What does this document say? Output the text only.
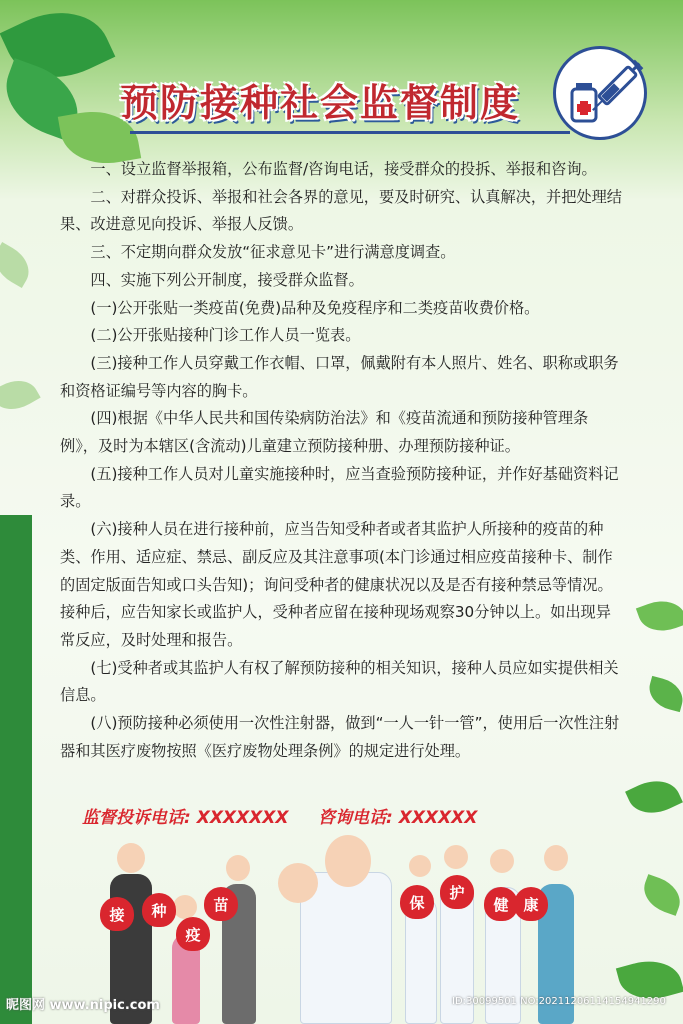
预防接种社会监督制度

一、设立监督举报箱，公布监督/咨询电话，接受群众的投拆、举报和咨询。

二、对群众投诉、举报和社会各界的意见，要及时研究、认真解决，并把处理结果、改进意见向投诉、举报人反馈。

三、不定期向群众发放“征求意见卡”进行满意度调查。

四、实施下列公开制度，接受群众监督。

(一)公开张贴一类疫苗(免费)品种及免疫程序和二类疫苗收费价格。

(二)公开张贴接种门诊工作人员一览表。

(三)接种工作人员穿戴工作衣帽、口罩，佩戴附有本人照片、姓名、职称或职务和资格证编号等内容的胸卡。

(四)根据《中华人民共和国传染病防治法》和《疫苗流通和预防接种管理条例》，及时为本辖区(含流动)儿童建立预防接种册、办理预防接种证。

(五)接种工作人员对儿童实施接种时，应当查验预防接种证，并作好基础资料记录。

(六)接种人员在进行接种前，应当告知受种者或者其监护人所接种的疫苗的种类、作用、适应症、禁忌、副反应及其注意事项(本门诊通过相应疫苗接种卡、制作的固定版面告知或口头告知)；询问受种者的健康状况以及是否有接种禁忌等情况。接种后，应告知家长或监护人，受种者应留在接种现场观察30分钟以上。如出现异常反应，及时处理和报告。

(七)受种者或其监护人有权了解预防接种的相关知识，接种人员应如实提供相关信息。

(八)预防接种必须使用一次性注射器，做到“一人一针一管”，使用后一次性注射器和其医疗废物按照《医疗废物处理条例》的规定进行处理。

监督投诉电话: XXXXXXX 咨询电话: XXXXXX
接	种
疫
苗	保
护
健 康
昵图网 www.nipic.com	ID:30099501 NO:20211206114154941290
